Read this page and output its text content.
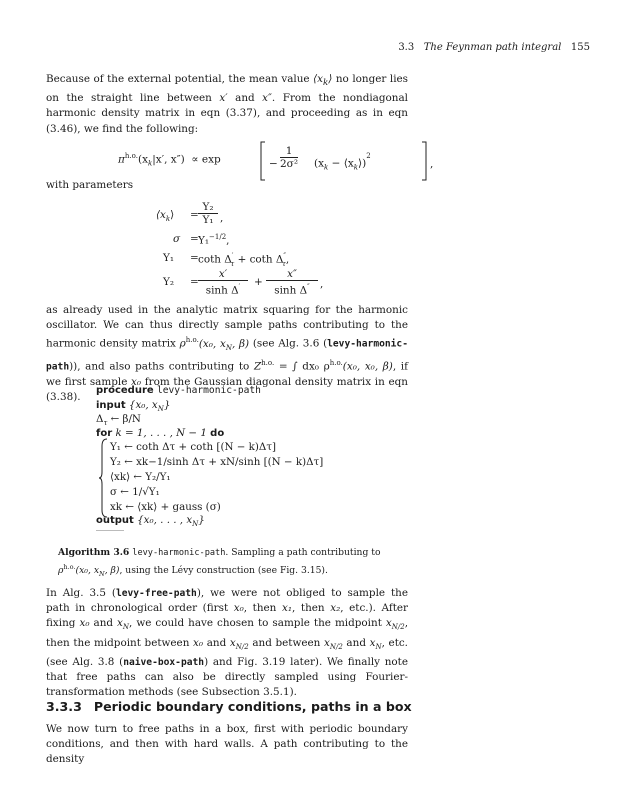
3.3 The Feynman path integral 155
Because of the external potential, the mean value $⟨x_k⟩$ no longer lies on the straight line between x′ and x″. From the nondiagonal harmonic density matrix in eqn (3.37), and proceeding as in eqn (3.46), we find the following:
$\pi^{h.o.}(x_k|x'$, x″) ∝ exp	− $\frac{1}{\text{2σ²}} (x_k$ − $⟨x_k⟩)^2$
,
with parameters
$⟨x_k⟩ = \frac{\text{Υ₂}}{\text{Υ₁}}$ ,
σ = Υ₁$^{-1/2}$,
Υ₁ = coth $\Delta'_\tau + \cot h$ $\Delta''_\tau$,
$\Upsilon_2 = \frac{x'}{\sinh \Delta'} + \frac{x''}{\sinh \Delta''}$ ,
as already used in the analytic matrix squaring for the harmonic oscillator. We can thus directly sample paths contributing to the harmonic density matrix $\rho^{h.o.}(x_0$, $x_N$, β) (see Alg. 3.6 (levy-harmonic-path)), and also paths contributing to $Z^{h.o.}$ = ∫ dx₀ $\rho^{h.o.}(x_0$, x₀, β), if we first sample x₀ from the Gaussian diagonal density matrix in eqn (3.38).
procedure levy-harmonic-path
input {x₀, $x_N$}
$\Delta_\tau$ ← β/N
for k = 1, . . . , N − 1 do
Υ₁ ← coth Δτ + coth [(N − k)Δτ]
Υ₂ ← xk−1/sinh Δτ + xN/sinh [(N − k)Δτ]
⟨xk⟩ ← Υ₂/Υ₁
σ ← 1/√Υ₁
xk ← ⟨xk⟩ + gauss (σ)
output {x₀, . . . , $x_N$}
Algorithm 3.6 levy-harmonic-path. Sampling a path contributing to $\rho^{h.o.}(x_0$, $x_N$, β), using the Lévy construction (see Fig. 3.15).
In Alg. 3.5 (levy-free-path), we were not obliged to sample the path in chronological order (first x₀, then x₁, then x₂, etc.). After fixing x₀ and $x_N$, we could have chosen to sample the midpoint $x_{N/2}$, then the midpoint between x₀ and $x_{N/2}$ and between $x_{N/2}$ and $x_N$, etc. (see Alg. 3.8 (naive-box-path) and Fig. 3.19 later). We finally note that free paths can also be directly sampled using Fourier-transformation methods (see Subsection 3.5.1).
3.3.3 Periodic boundary conditions, paths in a box
We now turn to free paths in a box, first with periodic boundary conditions, and then with hard walls. A path contributing to the density
